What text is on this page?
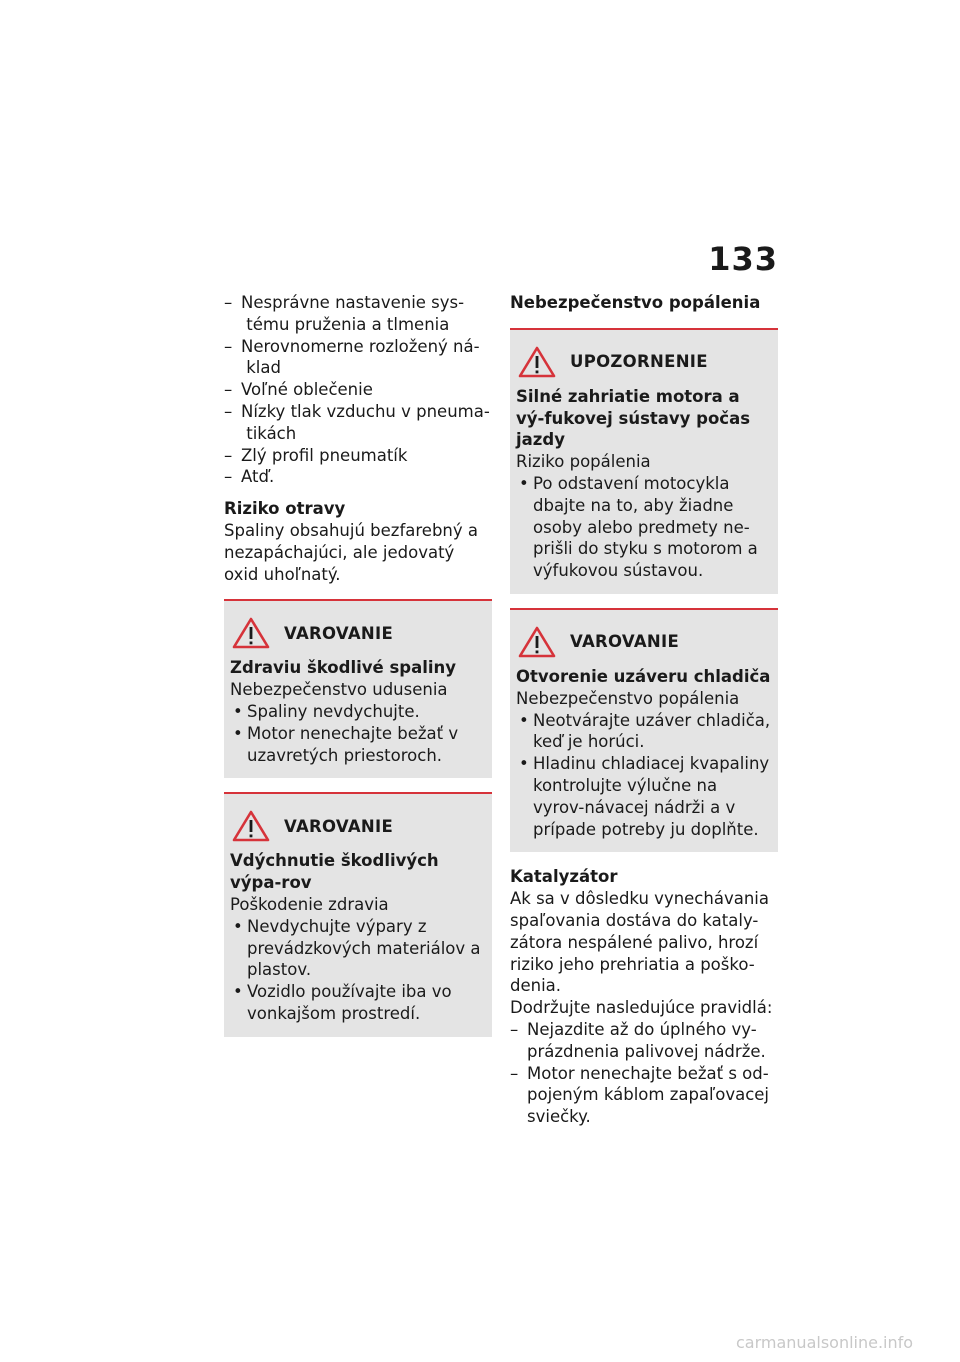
133
– Nesprávne nastavenie sys- tému pruženia a tlmenia
– Nerovnomerne rozložený ná- klad
– Voľné oblečenie
– Nízky tlak vzduchu v pneuma- tikách
– Zlý profil pneumatík
– Atď.
Riziko otravy
Spaliny obsahujú bezfarebný a nezapáchajúci, ale jedovatý oxid uhoľnatý.
VAROVANIE
Zdraviu škodlivé spaliny
Nebezpečenstvo udusenia
• Spaliny nevdychujte.
• Motor nenechajte bežať v uzavretých priestoroch.
VAROVANIE
Vdýchnutie škodlivých výpa-rov
Poškodenie zdravia
• Nevdychujte výpary z prevádzkových materiálov a plastov.
• Vozidlo používajte iba vo vonkajšom prostredí.
Nebezpečenstvo popálenia
UPOZORNENIE
Silné zahriatie motora a vý-fukovej sústavy počas jazdy
Riziko popálenia
• Po odstavení motocykla dbajte na to, aby žiadne osoby alebo predmety ne-prišli do styku s motorom a výfukovou sústavou.
VAROVANIE
Otvorenie uzáveru chladiča
Nebezpečenstvo popálenia
• Neotvárajte uzáver chladiča, keď je horúci.
• Hladinu chladiacej kvapaliny kontrolujte výlučne na vyrov-návacej nádrži a v prípade potreby ju doplňte.
Katalyzátor
Ak sa v dôsledku vynechávania spaľovania dostáva do kataly-zátora nespálené palivo, hrozí riziko jeho prehriatia a poško-denia.
Dodržujte nasledujúce pravidlá:
– Nejazdite až do úplného vy-prázdnenia palivovej nádrže.
– Motor nenechajte bežať s od-pojeným káblom zapaľovacej sviečky.
carmanualsonline.info
